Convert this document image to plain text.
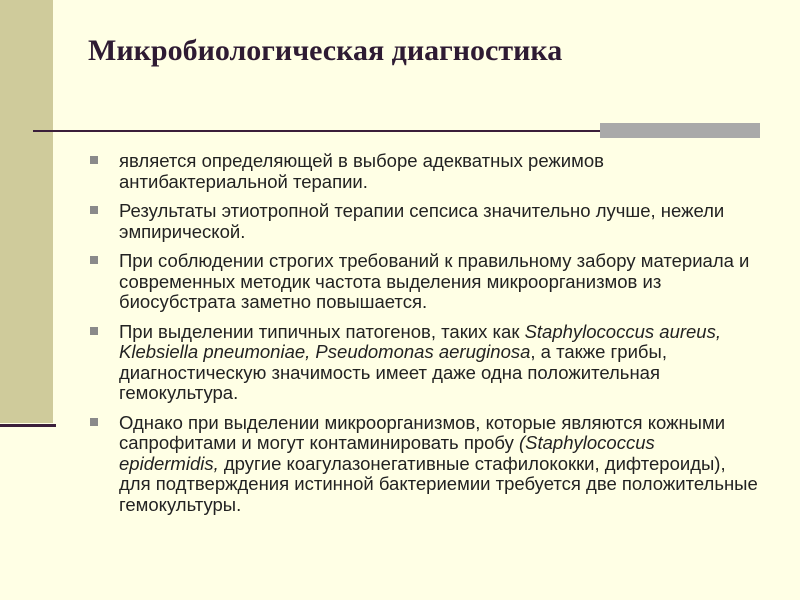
Микробиологическая диагностика
является определяющей в выборе адекватных режимов антибактериальной терапии.
Результаты этиотропной терапии сепсиса значительно лучше, нежели эмпирической.
При соблюдении строгих требований к правильному забору материала и современных методик частота выделения микроорганизмов из биосубстрата заметно повышается.
При выделении типичных патогенов, таких как Staphylococcus aureus, Klebsiella pneumoniae, Pseudomonas aeruginosa, а также грибы, диагностическую значимость имеет даже одна положительная гемокультура.
Однако при выделении микроорганизмов, которые являются кожными сапрофитами и могут контаминировать пробу (Staphylococcus epidermidis, другие коагулазонегативные стафилококки, дифтероиды), для подтверждения истинной бактериемии требуется две положительные гемокультуры.
